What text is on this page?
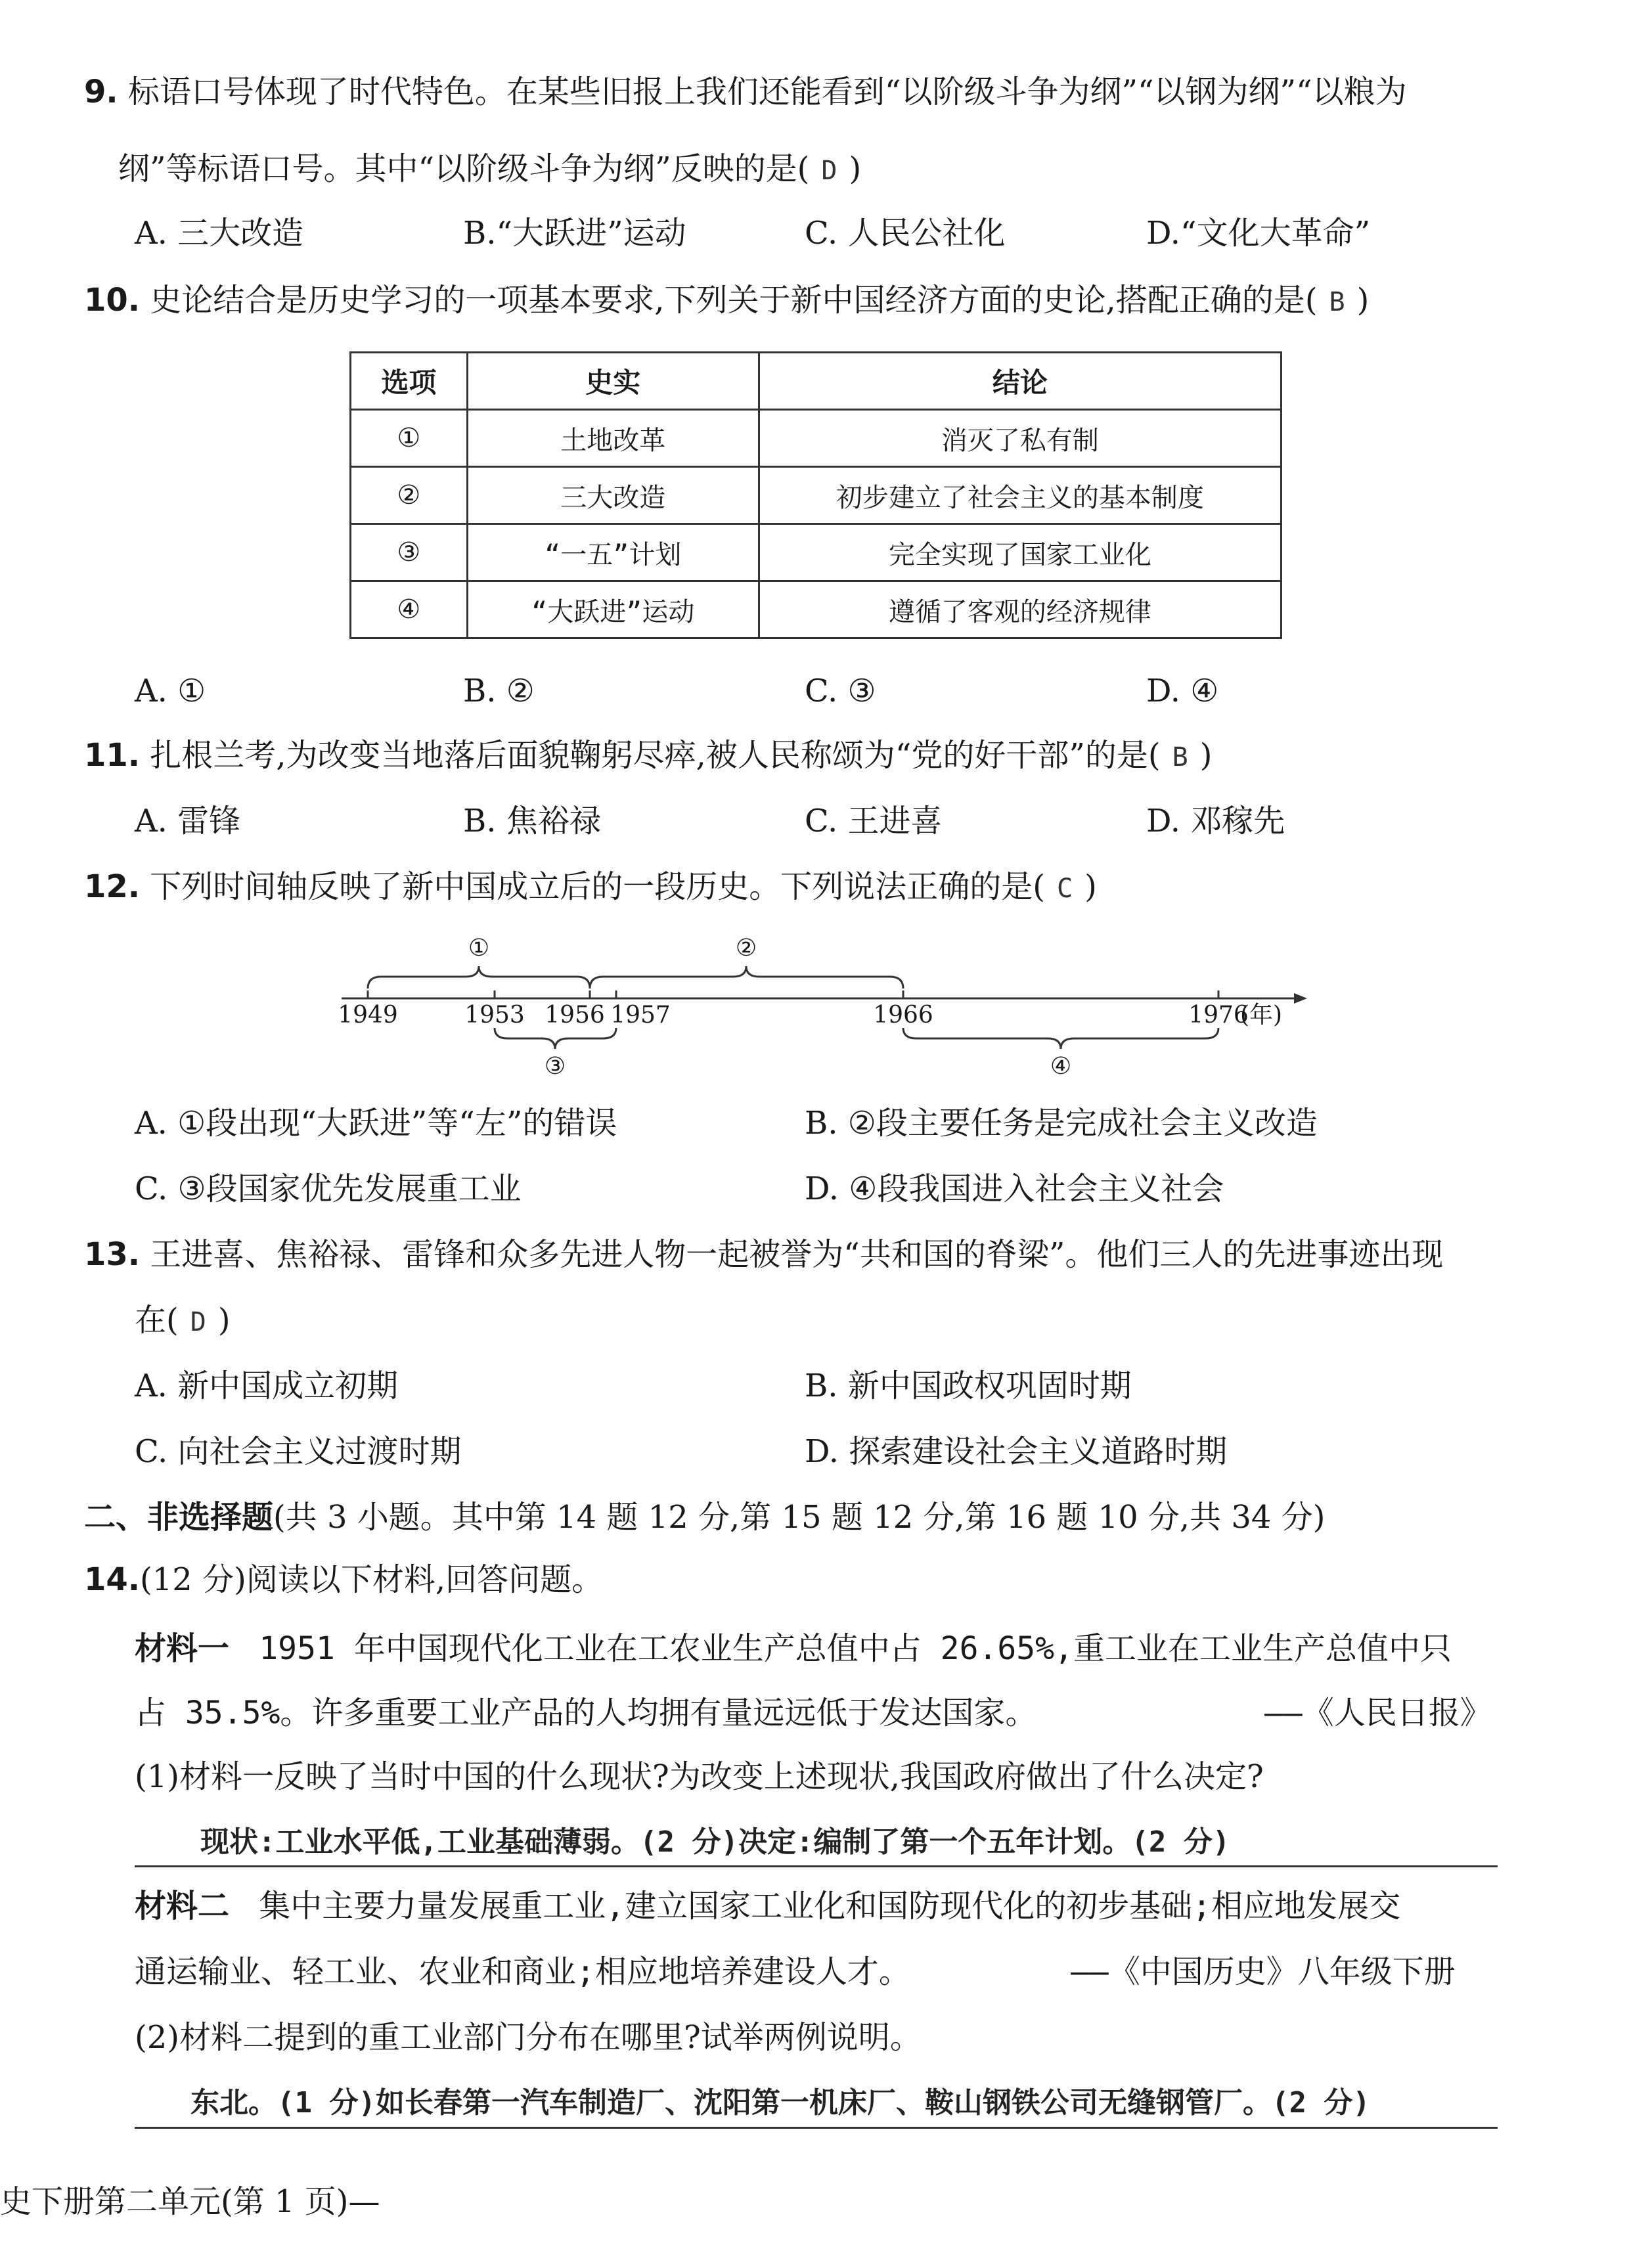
9. 标语口号体现了时代特色。在某些旧报上我们还能看到“以阶级斗争为纲”“以钢为纲”“以粮为
纲”等标语口号。其中“以阶级斗争为纲”反映的是( D )
A. 三大改造	B.“大跃进”运动	C. 人民公社化	D.“文化大革命”
10. 史论结合是历史学习的一项基本要求,下列关于新中国经济方面的史论,搭配正确的是( B )
选项	史实	结论
①	土地改革	消灭了私有制
②	三大改造	初步建立了社会主义的基本制度
③	“一五”计划	完全实现了国家工业化
④	“大跃进”运动	遵循了客观的经济规律
A. ①	B. ②	C. ③	D. ④
11. 扎根兰考,为改变当地落后面貌鞠躬尽瘁,被人民称颂为“党的好干部”的是( B )
A. 雷锋	B. 焦裕禄	C. 王进喜	D. 邓稼先
12. 下列时间轴反映了新中国成立后的一段历史。下列说法正确的是( C )
①	②
③	④
1949	1953 1956 1957	1966	1976
(年)
A. ①段出现“大跃进”等“左”的错误	B. ②段主要任务是完成社会主义改造
C. ③段国家优先发展重工业	D. ④段我国进入社会主义社会
13. 王进喜、焦裕禄、雷锋和众多先进人物一起被誉为“共和国的脊梁”。他们三人的先进事迹出现
在( D )
A. 新中国成立初期	B. 新中国政权巩固时期
C. 向社会主义过渡时期	D. 探索建设社会主义道路时期
二、非选择题(共 3 小题。其中第 14 题 12 分,第 15 题 12 分,第 16 题 10 分,共 34 分)
14.(12 分)阅读以下材料,回答问题。
材料一 1951 年中国现代化工业在工农业生产总值中占 26.65%,重工业在工业生产总值中只
占 35.5%。许多重要工业产品的人均拥有量远远低于发达国家。	——《人民日报》
(1)材料一反映了当时中国的什么现状?为改变上述现状,我国政府做出了什么决定?
现状:工业水平低,工业基础薄弱。(2 分)决定:编制了第一个五年计划。(2 分)
材料二 集中主要力量发展重工业,建立国家工业化和国防现代化的初步基础;相应地发展交
通运输业、轻工业、农业和商业;相应地培养建设人才。	——《中国历史》八年级下册
(2)材料二提到的重工业部门分布在哪里?试举两例说明。
东北。(1 分)如长春第一汽车制造厂、沈阳第一机床厂、鞍山钢铁公司无缝钢管厂。(2 分)
史下册第二单元(第 1 页)—
